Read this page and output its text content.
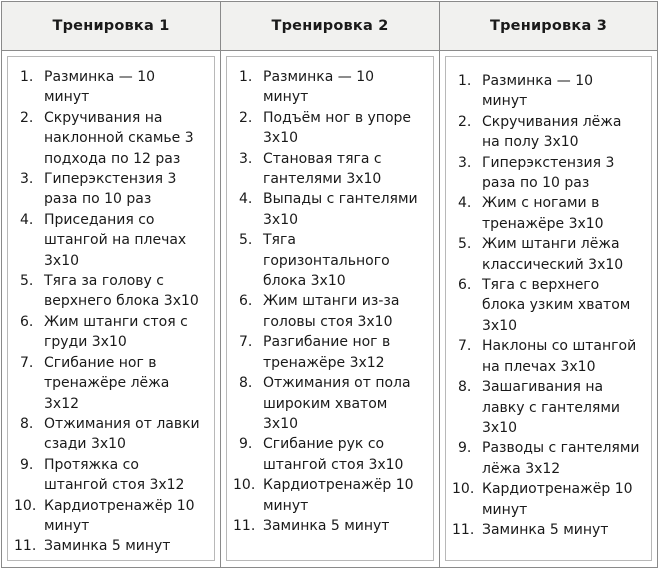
Тренировка 1
1. Разминка — 10
минут
2. Скручивания на
наклонной скамье 3
подхода по 12 раз
3. Гиперэкстензия 3
раза по 10 раз
4. Приседания со
штангой на плечах
3x10
5. Тяга за голову с
верхнего блока 3x10
6. Жим штанги стоя с
груди 3x10
7. Сгибание ног в
тренажёре лёжа
3x12
8. Отжимания от лавки
сзади 3x10
9. Протяжка со
штангой стоя 3x12
10. Кардиотренажёр 10
минут
11. Заминка 5 минут
Тренировка 2
1. Разминка — 10
минут
2. Подъём ног в упоре
3x10
3. Становая тяга с
гантелями 3x10
4. Выпады с гантелями
3x10
5. Тяга
горизонтального
блока 3x10
6. Жим штанги из-за
головы стоя 3x10
7. Разгибание ног в
тренажёре 3x12
8. Отжимания от пола
широким хватом
3x10
9. Сгибание рук со
штангой стоя 3x10
10. Кардиотренажёр 10
минут
11. Заминка 5 минут
Тренировка 3
1. Разминка — 10
минут
2. Скручивания лёжа
на полу 3x10
3. Гиперэкстензия 3
раза по 10 раз
4. Жим с ногами в
тренажёре 3x10
5. Жим штанги лёжа
классический 3x10
6. Тяга с верхнего
блока узким хватом
3x10
7. Наклоны со штангой
на плечах 3x10
8. Зашагивания на
лавку с гантелями
3x10
9. Разводы с гантелями
лёжа 3x12
10. Кардиотренажёр 10
минут
11. Заминка 5 минут
